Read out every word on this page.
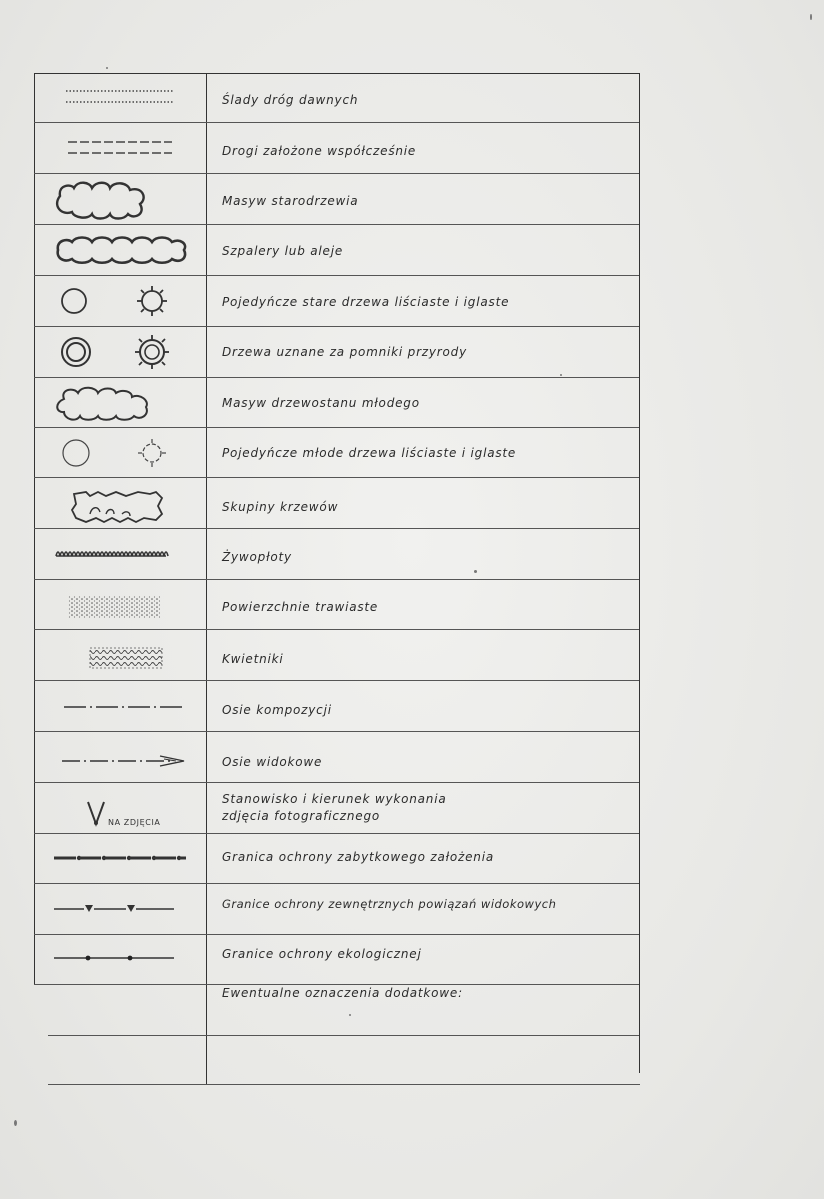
Ślady dróg dawnych
Drogi założone współcześnie
Masyw starodrzewia
Szpalery lub aleje
Pojedyńcze stare drzewa liściaste i iglaste
Drzewa uznane za pomniki przyrody
Masyw drzewostanu młodego
Pojedyńcze młode drzewa liściaste i iglaste
Skupiny krzewów
Żywopłoty
Powierzchnie trawiaste
Kwietniki
Osie kompozycji
Osie widokowe
Stanowisko i kierunek wykonania
zdjęcia fotograficznego
Granica ochrony zabytkowego założenia
Granice ochrony zewnętrznych powiązań widokowych
Granice ochrony ekologicznej
Ewentualne oznaczenia dodatkowe:
NA ZDJĘCIA
